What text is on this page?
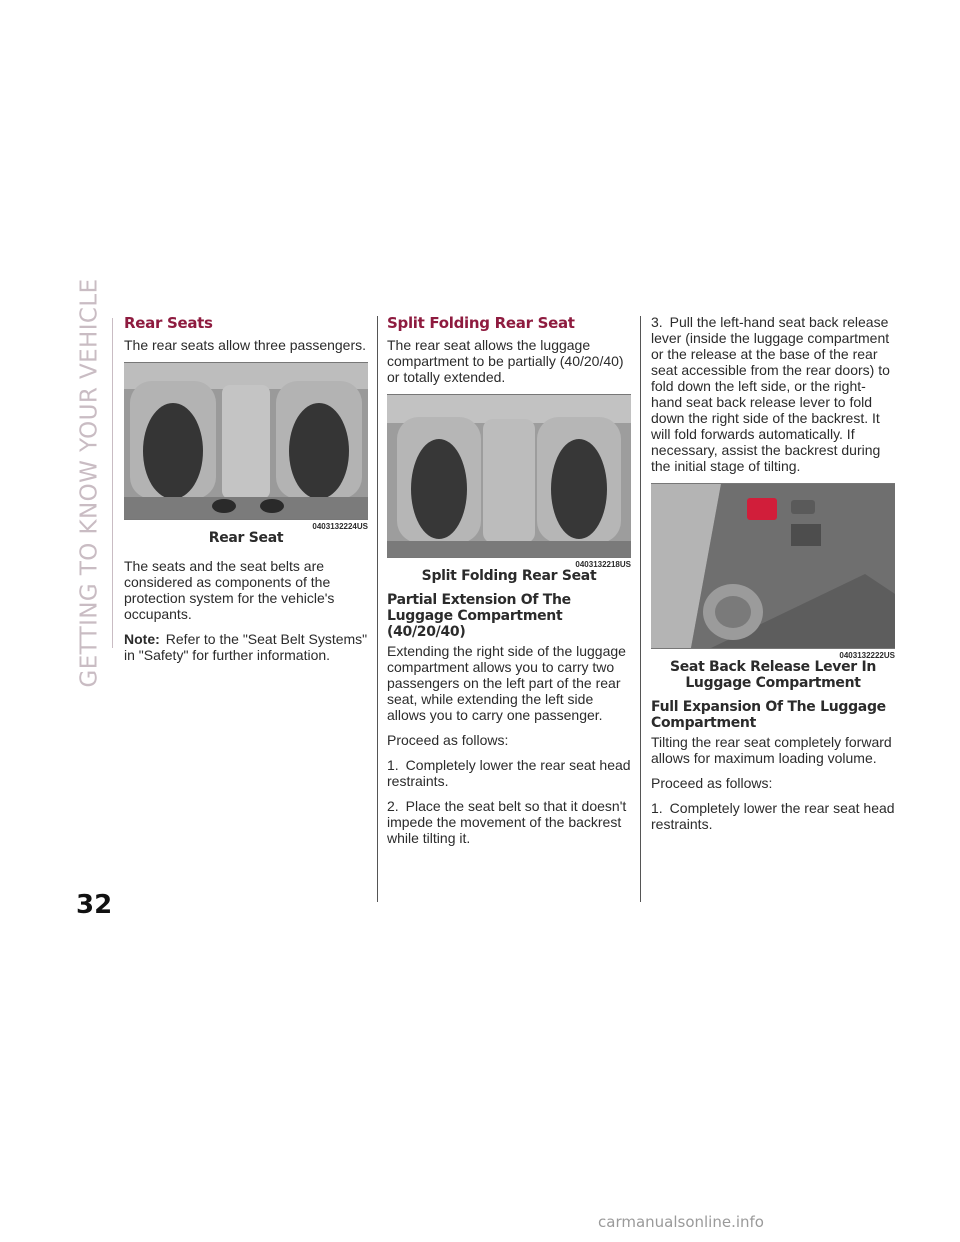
GETTING TO KNOW YOUR VEHICLE
32
Rear Seats

The rear seats allow three passengers.

0403132224US
Rear Seat

The seats and the seat belts are considered as components of the protection system for the vehicle's occupants.

Note: Refer to the "Seat Belt Systems" in "Safety" for further information.

Split Folding Rear Seat

The rear seat allows the luggage compartment to be partially (40/20/40) or totally extended.

0403132218US
Split Folding Rear Seat
Partial Extension Of The Luggage Compartment (40/20/40)

Extending the right side of the luggage compartment allows you to carry two passengers on the left part of the rear seat, while extending the left side allows you to carry one passenger.

Proceed as follows:

1. Completely lower the rear seat head restraints.

2. Place the seat belt so that it doesn't impede the movement of the backrest while tilting it.

3. Pull the left-hand seat back release lever (inside the luggage compartment or the release at the base of the rear seat accessible from the rear doors) to fold down the left side, or the right-hand seat back release lever to fold down the right side of the backrest. It will fold forwards automatically. If necessary, assist the backrest during the initial stage of tilting.

0403132222US
Seat Back Release Lever In Luggage Compartment
Full Expansion Of The Luggage Compartment

Tilting the rear seat completely forward allows for maximum loading volume.

Proceed as follows:

1. Completely lower the rear seat head restraints.

carmanualsonline.info
